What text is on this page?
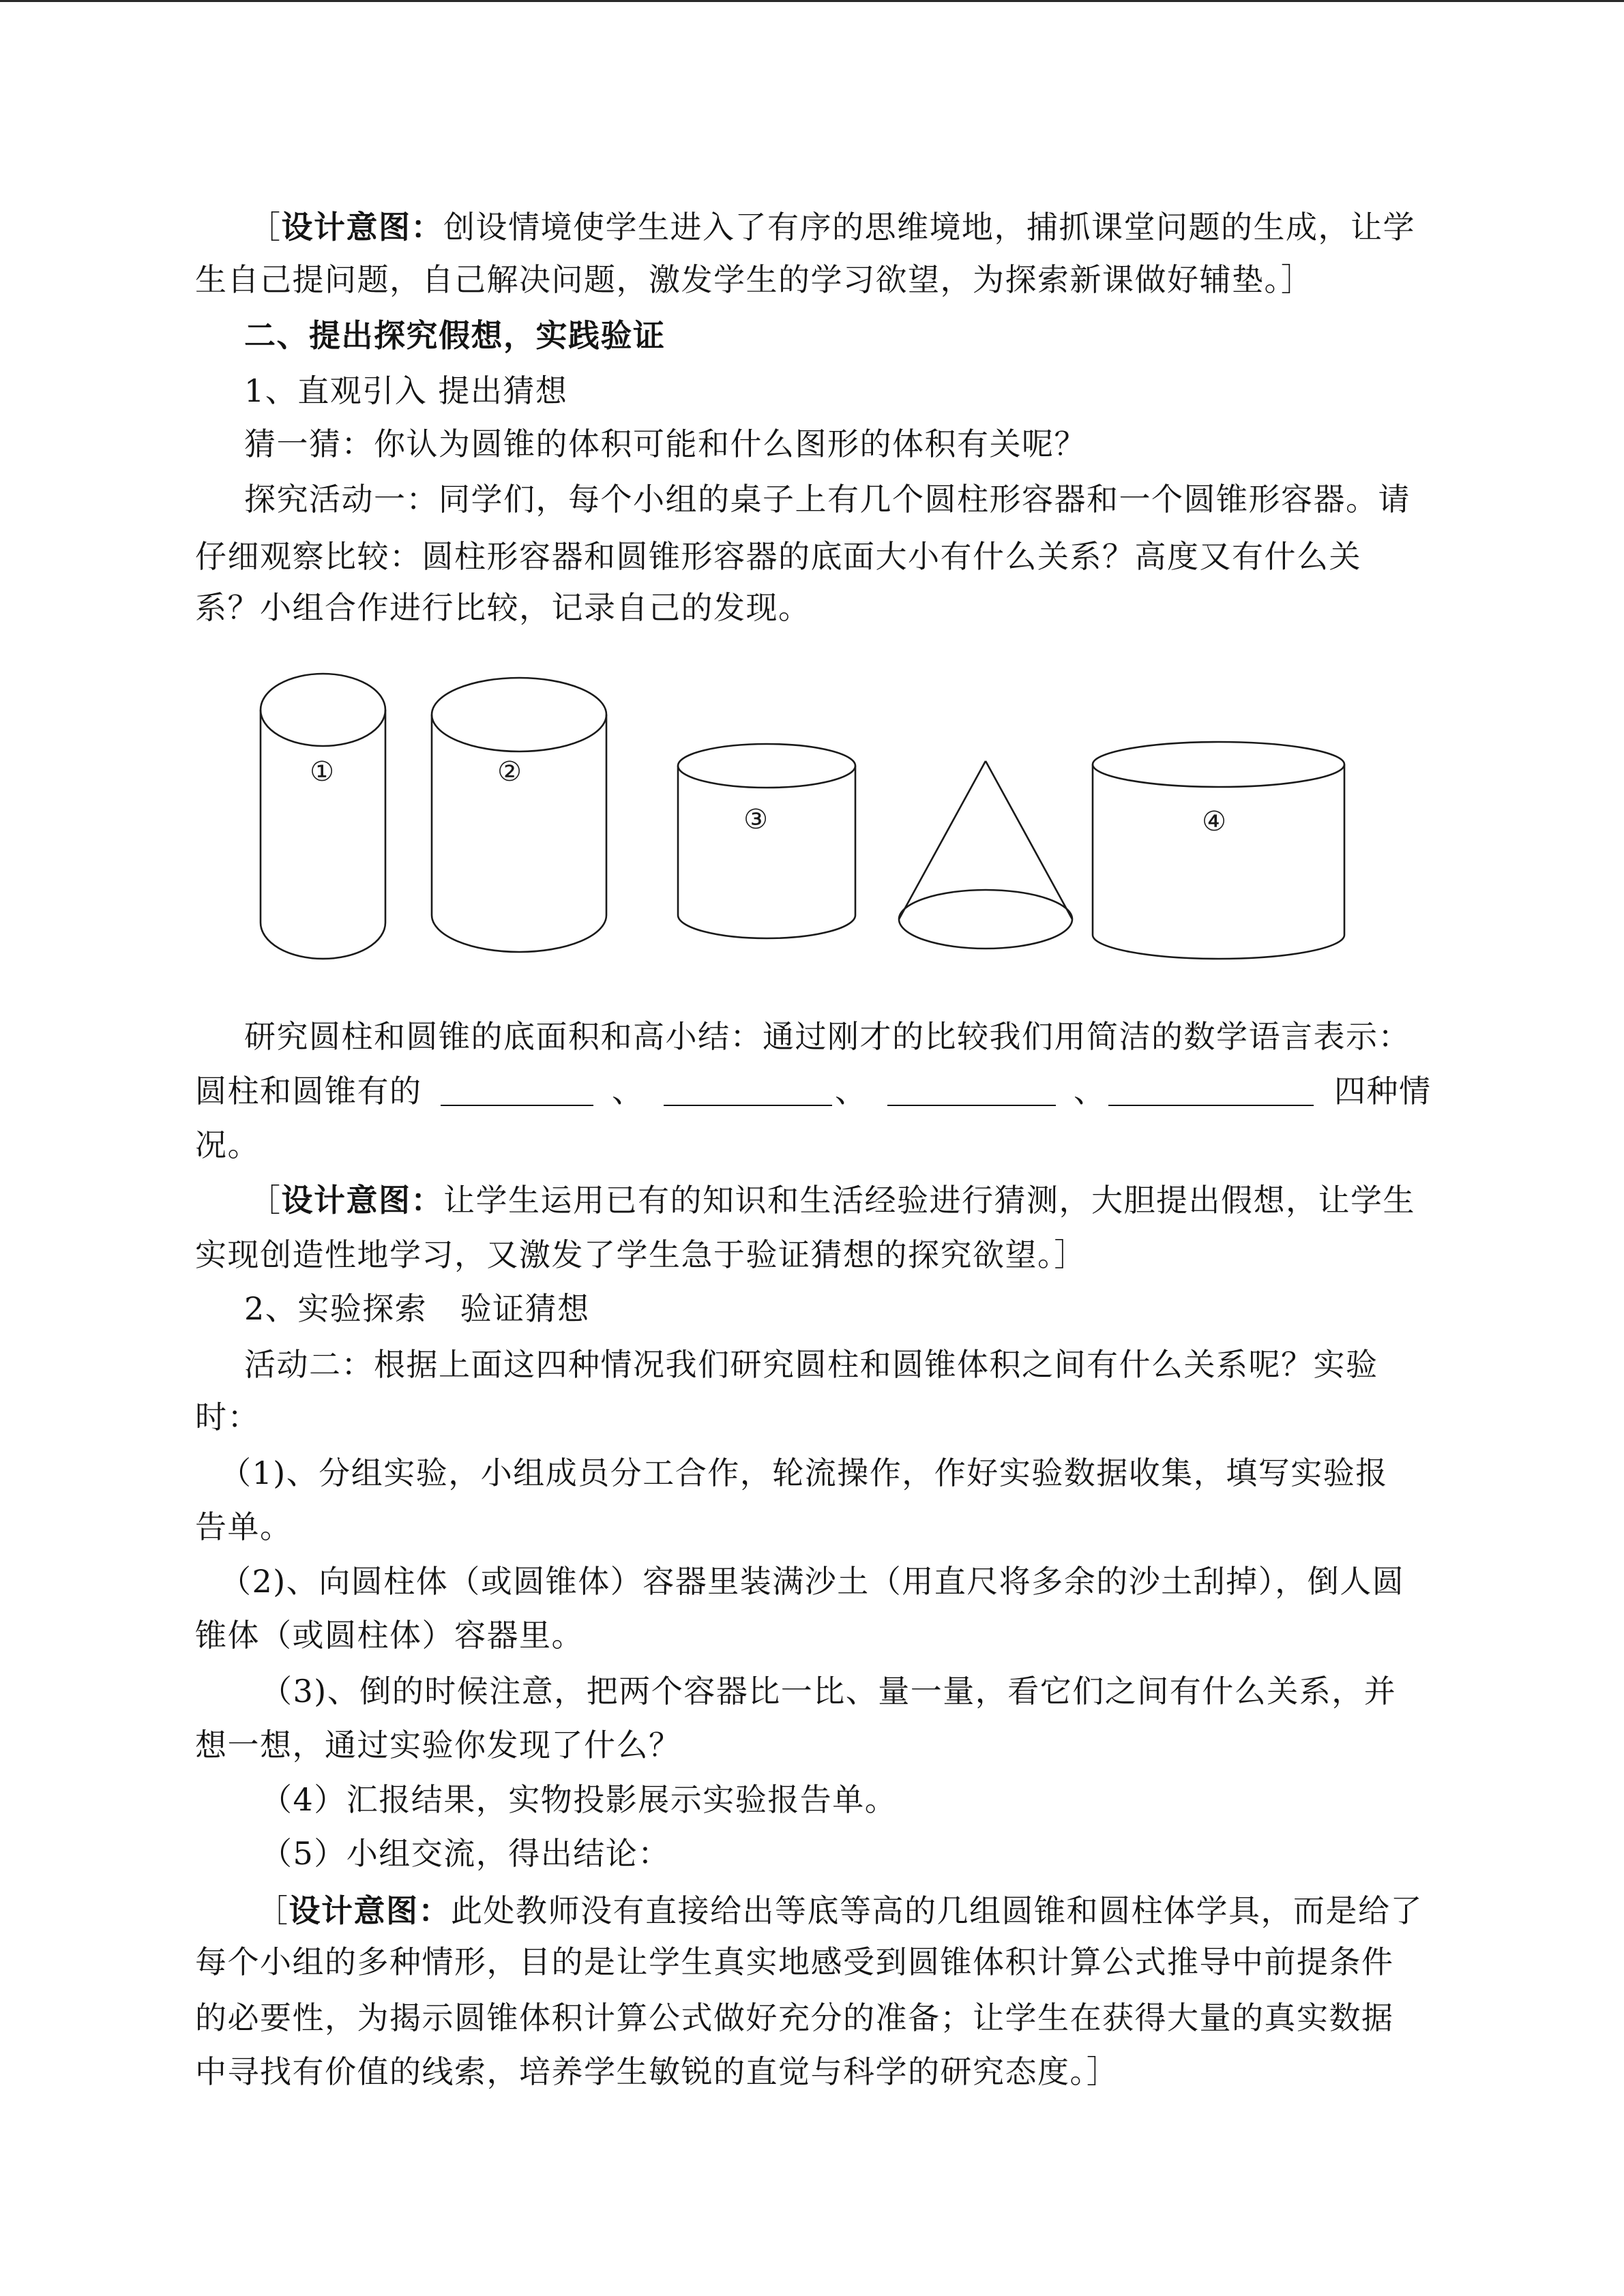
［设计意图：创设情境使学生进入了有序的思维境地，捕抓课堂问题的生成，让学
生自己提问题，自己解决问题，激发学生的学习欲望，为探索新课做好辅垫。］
二、提出探究假想，实践验证
1、直观引入 提出猜想
猜一猜：你认为圆锥的体积可能和什么图形的体积有关呢？
探究活动一：同学们，每个小组的桌子上有几个圆柱形容器和一个圆锥形容器。请
仔细观察比较：圆柱形容器和圆锥形容器的底面大小有什么关系？高度又有什么关
系？小组合作进行比较，记录自己的发现。
①	②
③	④
研究圆柱和圆锥的底面积和高小结：通过刚才的比较我们用简洁的数学语言表示：
圆柱和圆锥有的	、	、	、	四种情
况。
［设计意图：让学生运用已有的知识和生活经验进行猜测，大胆提出假想，让学生
实现创造性地学习，又激发了学生急于验证猜想的探究欲望。］
2、实验探索   验证猜想
活动二：根据上面这四种情况我们研究圆柱和圆锥体积之间有什么关系呢？实验
时：
（1)、分组实验，小组成员分工合作，轮流操作，作好实验数据收集，填写实验报
告单。
（2)、向圆柱体（或圆锥体）容器里装满沙土（用直尺将多余的沙土刮掉），倒人圆
锥体（或圆柱体）容器里。
（3)、倒的时候注意，把两个容器比一比、量一量，看它们之间有什么关系，并
想一想，通过实验你发现了什么？
（4）汇报结果，实物投影展示实验报告单。
（5）小组交流，得出结论：
［设计意图：此处教师没有直接给出等底等高的几组圆锥和圆柱体学具，而是给了
每个小组的多种情形，目的是让学生真实地感受到圆锥体积计算公式推导中前提条件
的必要性，为揭示圆锥体积计算公式做好充分的准备；让学生在获得大量的真实数据
中寻找有价值的线索，培养学生敏锐的直觉与科学的研究态度。］
